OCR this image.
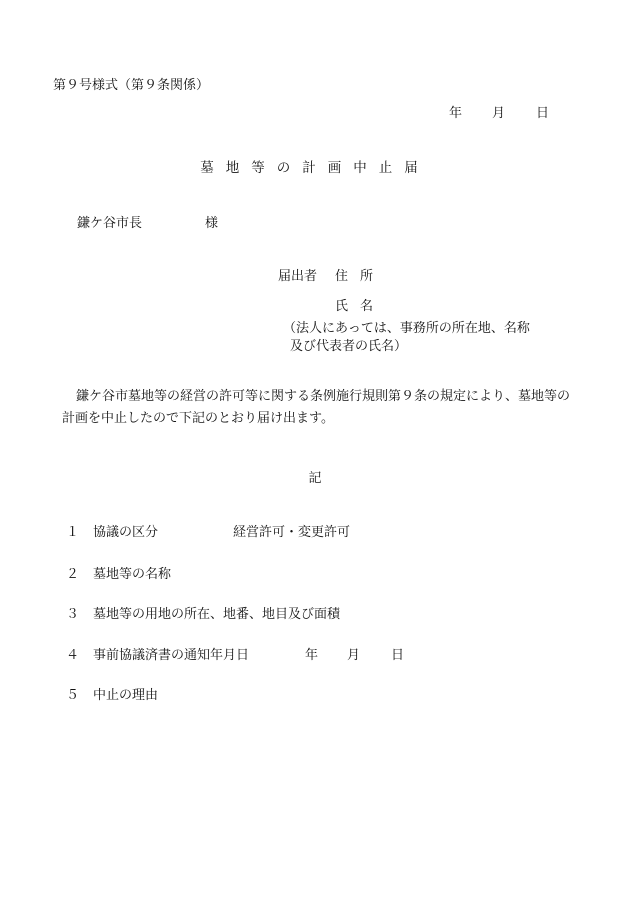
第９号様式（第９条関係）
年 月 日
墓地等の計画中止届
鎌ケ谷市長	様
届出者 住所
氏名
（法人にあっては、事務所の所在地、名称
及び代表者の氏名）
鎌ケ谷市墓地等の経営の許可等に関する条例施行規則第９条の規定により、墓地等の計画を中止したので下記のとおり届け出ます。
記
１ 協議の区分	経営許可・変更許可
２ 墓地等の名称
３ 墓地等の用地の所在、地番、地目及び面積
４ 事前協議済書の通知年月日	年 月 日
５ 中止の理由
